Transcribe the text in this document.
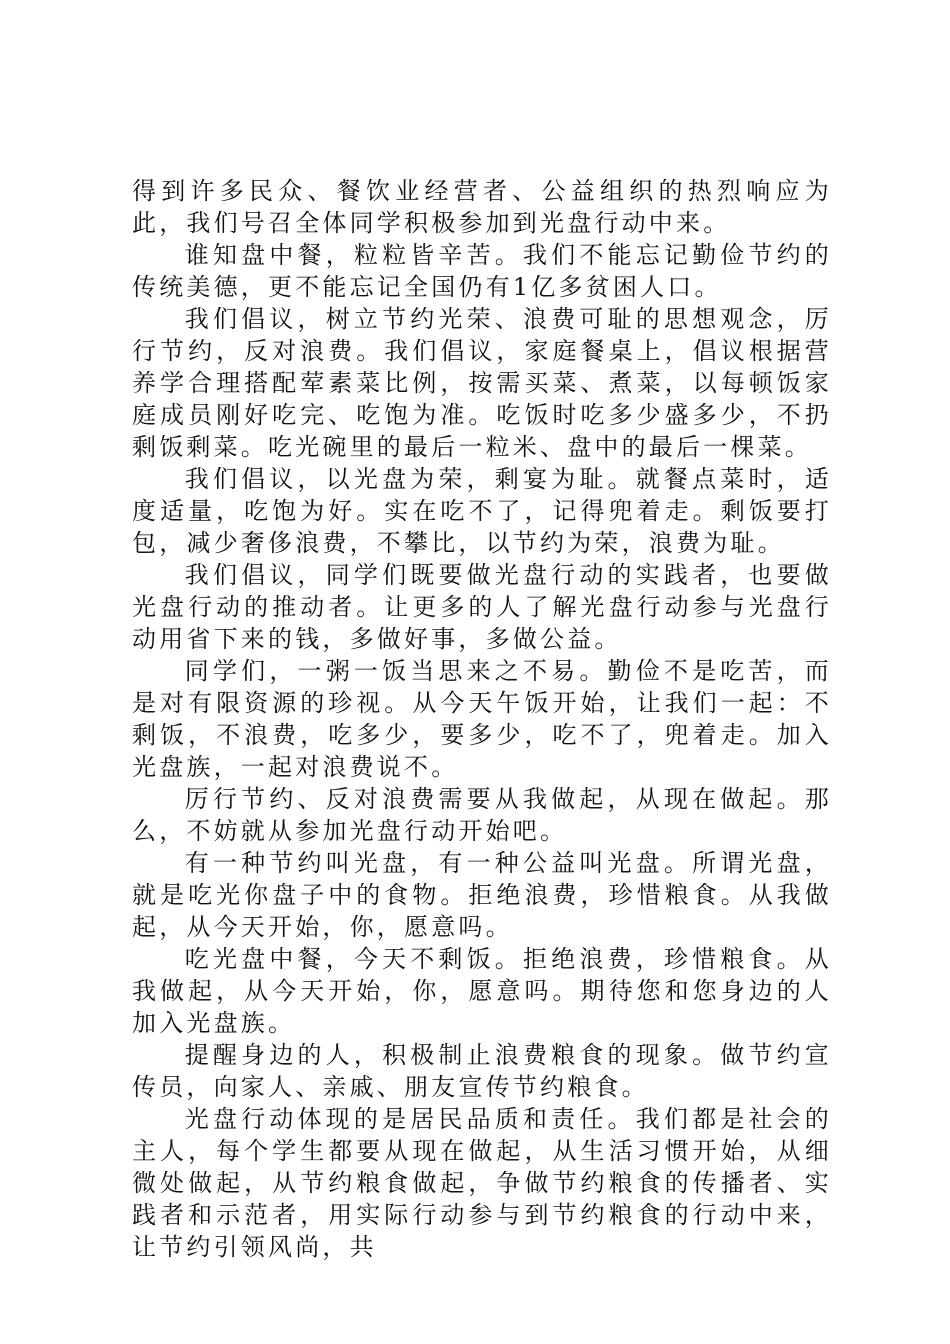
得到许多民众、餐饮业经营者、公益组织的热烈响应为此，我们号召全体同学积极参加到光盘行动中来。

谁知盘中餐，粒粒皆辛苦。我们不能忘记勤俭节约的传统美德，更不能忘记全国仍有1亿多贫困人口。

我们倡议，树立节约光荣、浪费可耻的思想观念，厉行节约，反对浪费。我们倡议，家庭餐桌上，倡议根据营养学合理搭配荤素菜比例，按需买菜、煮菜，以每顿饭家庭成员刚好吃完、吃饱为准。吃饭时吃多少盛多少，不扔剩饭剩菜。吃光碗里的最后一粒米、盘中的最后一棵菜。

我们倡议，以光盘为荣，剩宴为耻。就餐点菜时，适度适量，吃饱为好。实在吃不了，记得兜着走。剩饭要打包，减少奢侈浪费，不攀比，以节约为荣，浪费为耻。

我们倡议，同学们既要做光盘行动的实践者，也要做光盘行动的推动者。让更多的人了解光盘行动参与光盘行动用省下来的钱，多做好事，多做公益。

同学们，一粥一饭当思来之不易。勤俭不是吃苦，而是对有限资源的珍视。从今天午饭开始，让我们一起：不剩饭，不浪费，吃多少，要多少，吃不了，兜着走。加入光盘族，一起对浪费说不。

厉行节约、反对浪费需要从我做起，从现在做起。那么，不妨就从参加光盘行动开始吧。

有一种节约叫光盘，有一种公益叫光盘。所谓光盘，就是吃光你盘子中的食物。拒绝浪费，珍惜粮食。从我做起，从今天开始，你，愿意吗。

吃光盘中餐，今天不剩饭。拒绝浪费，珍惜粮食。从我做起，从今天开始，你，愿意吗。期待您和您身边的人加入光盘族。

提醒身边的人，积极制止浪费粮食的现象。做节约宣传员，向家人、亲戚、朋友宣传节约粮食。

光盘行动体现的是居民品质和责任。我们都是社会的主人，每个学生都要从现在做起，从生活习惯开始，从细微处做起，从节约粮食做起，争做节约粮食的传播者、实践者和示范者，用实际行动参与到节约粮食的行动中来，让节约引领风尚，共
